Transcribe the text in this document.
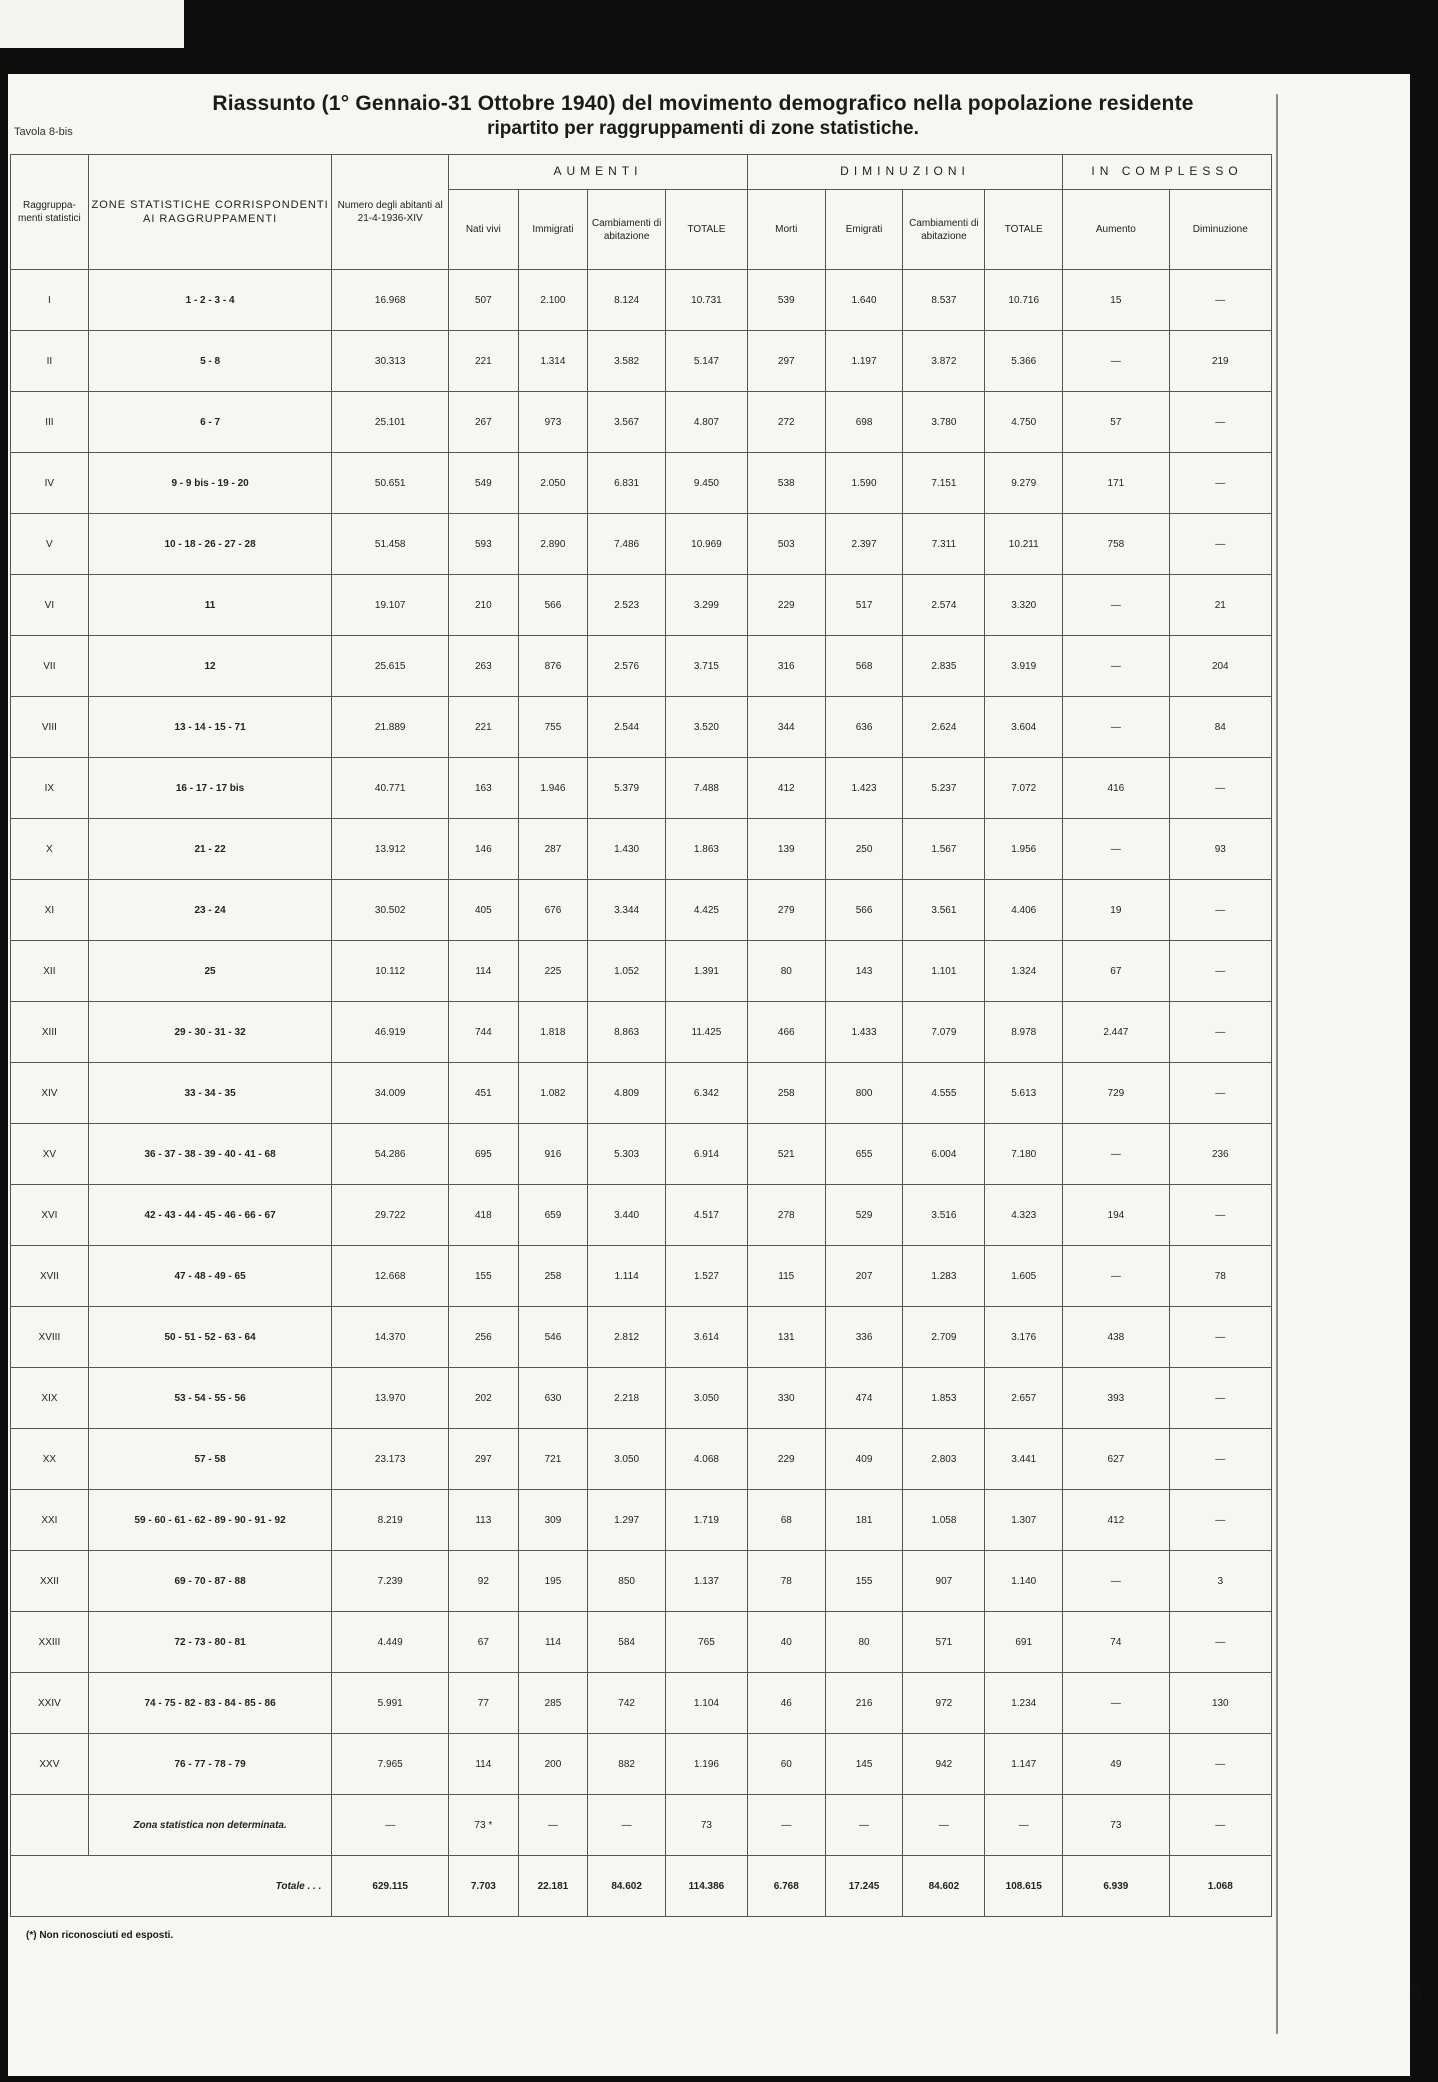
Riassunto (1° Gennaio-31 Ottobre 1940) del movimento demografico nella popolazione residente
ripartito per raggruppamenti di zone statistiche.
Tavola 8-bis
Raggruppa-menti statistici	ZONE STATISTICHE CORRISPONDENTI AI RAGGRUPPAMENTI	Numero degli abitanti al 21-4-1936-XIV	AUMENTI				DIMINUZIONI				IN COMPLESSO	
			Nati vivi	Immigrati	Cambiamenti di abitazione	TOTALE	Morti	Emigrati	Cambiamenti di abitazione	TOTALE	Aumento	Diminuzione
I	1 - 2 - 3 - 4	16.968	507	2.100	8.124	10.731	539	1.640	8.537	10.716	15	—
II	5 - 8	30.313	221	1.314	3.582	5.147	297	1.197	3.872	5.366	—	219
III	6 - 7	25.101	267	973	3.567	4.807	272	698	3.780	4.750	57	—
IV	9 - 9 bis - 19 - 20	50.651	549	2.050	6.831	9.450	538	1.590	7.151	9.279	171	—
V	10 - 18 - 26 - 27 - 28	51.458	593	2.890	7.486	10.969	503	2.397	7.311	10.211	758	—
VI	11	19.107	210	566	2.523	3.299	229	517	2.574	3.320	—	21
VII	12	25.615	263	876	2.576	3.715	316	568	2.835	3.919	—	204
VIII	13 - 14 - 15 - 71	21.889	221	755	2.544	3.520	344	636	2.624	3.604	—	84
IX	16 - 17 - 17 bis	40.771	163	1.946	5.379	7.488	412	1.423	5.237	7.072	416	—
X	21 - 22	13.912	146	287	1.430	1.863	139	250	1.567	1.956	—	93
XI	23 - 24	30.502	405	676	3.344	4.425	279	566	3.561	4.406	19	—
XII	25	10.112	114	225	1.052	1.391	80	143	1.101	1.324	67	—
XIII	29 - 30 - 31 - 32	46.919	744	1.818	8.863	11.425	466	1.433	7.079	8.978	2.447	—
XIV	33 - 34 - 35	34.009	451	1.082	4.809	6.342	258	800	4.555	5.613	729	—
XV	36 - 37 - 38 - 39 - 40 - 41 - 68	54.286	695	916	5.303	6.914	521	655	6.004	7.180	—	236
XVI	42 - 43 - 44 - 45 - 46 - 66 - 67	29.722	418	659	3.440	4.517	278	529	3.516	4.323	194	—
XVII	47 - 48 - 49 - 65	12.668	155	258	1.114	1.527	115	207	1.283	1.605	—	78
XVIII	50 - 51 - 52 - 63 - 64	14.370	256	546	2.812	3.614	131	336	2.709	3.176	438	—
XIX	53 - 54 - 55 - 56	13.970	202	630	2.218	3.050	330	474	1.853	2.657	393	—
XX	57 - 58	23.173	297	721	3.050	4.068	229	409	2.803	3.441	627	—
XXI	59 - 60 - 61 - 62 - 89 - 90 - 91 - 92	8.219	113	309	1.297	1.719	68	181	1.058	1.307	412	—
XXII	69 - 70 - 87 - 88	7.239	92	195	850	1.137	78	155	907	1.140	—	3
XXIII	72 - 73 - 80 - 81	4.449	67	114	584	765	40	80	571	691	74	—
XXIV	74 - 75 - 82 - 83 - 84 - 85 - 86	5.991	77	285	742	1.104	46	216	972	1.234	—	130
XXV	76 - 77 - 78 - 79	7.965	114	200	882	1.196	60	145	942	1.147	49	—
	Zona statistica non determinata.	—	73 *	—	—	73	—	—	—	—	73	—
Totale . . .		629.115	7.703	22.181	84.602	114.386	6.768	17.245	84.602	108.615	6.939	1.068
(*) Non riconosciuti ed esposti.
5
